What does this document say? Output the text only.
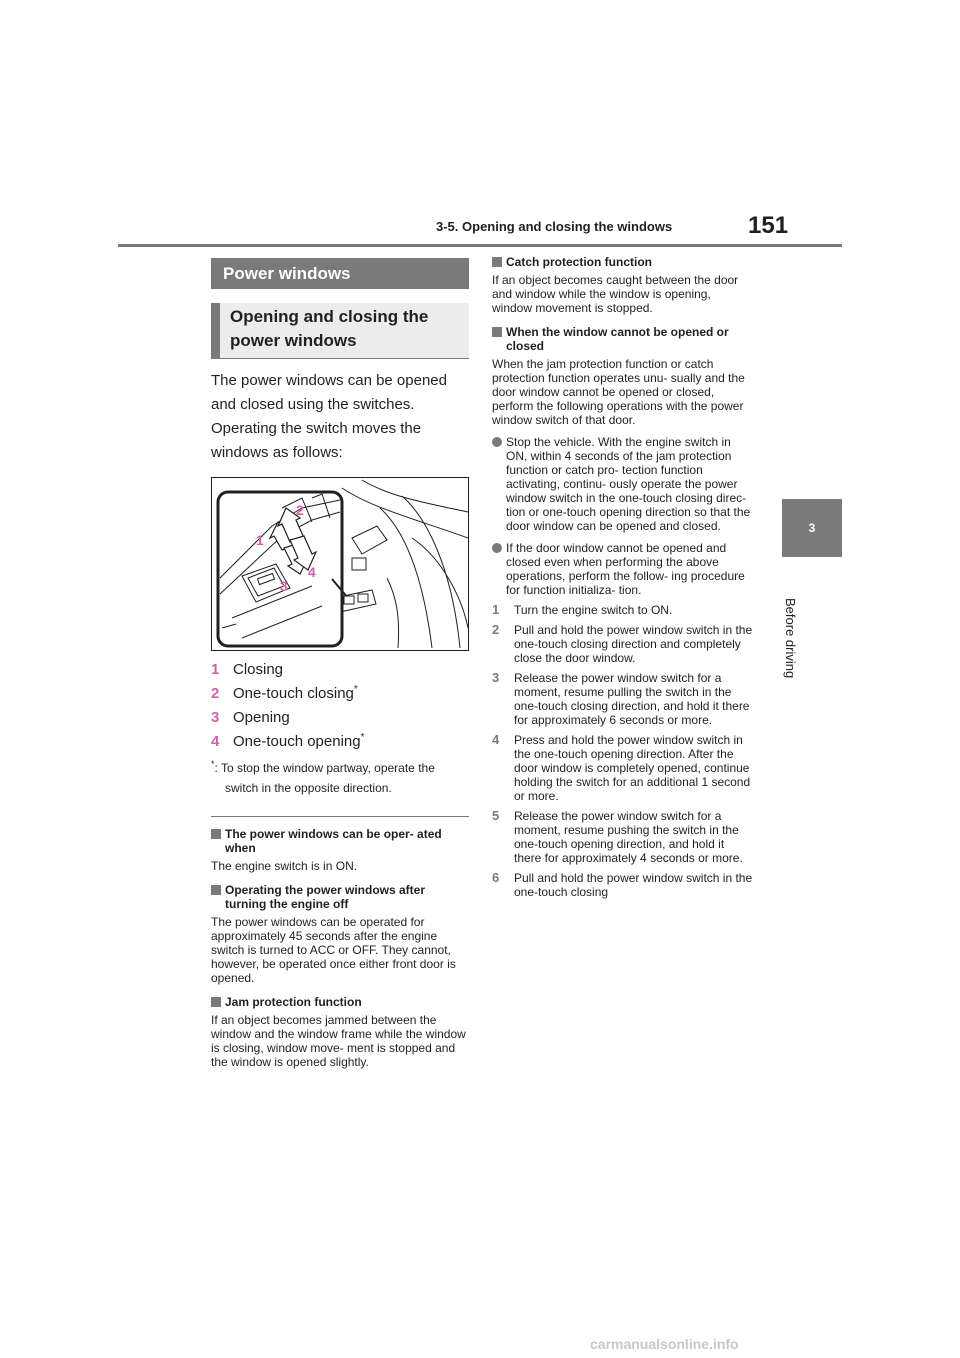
3-5. Opening and closing the windows	151
3
Before driving
Power windows
Opening and closing the power windows
The power windows can be opened and closed using the switches. Operating the switch moves the windows as follows:
1
2
3
4
1 Closing
2 One-touch closing*
3 Opening
4 One-touch opening*
*: To stop the window partway, operate the switch in the opposite direction.
The power windows can be oper- ated when
The engine switch is in ON.
Operating the power windows after turning the engine off
The power windows can be operated for approximately 45 seconds after the engine switch is turned to ACC or OFF. They cannot, however, be operated once either front door is opened.
Jam protection function
If an object becomes jammed between the window and the window frame while the window is closing, window move- ment is stopped and the window is opened slightly.
Catch protection function
If an object becomes caught between the door and window while the window is opening, window movement is stopped.
When the window cannot be opened or closed
When the jam protection function or catch protection function operates unu- sually and the door window cannot be opened or closed, perform the following operations with the power window switch of that door.
Stop the vehicle. With the engine switch in ON, within 4 seconds of the jam protection function or catch pro- tection function activating, continu- ously operate the power window switch in the one-touch closing direc- tion or one-touch opening direction so that the door window can be opened and closed.
If the door window cannot be opened and closed even when performing the above operations, perform the follow- ing procedure for function initializa- tion.
1 Turn the engine switch to ON.
2 Pull and hold the power window switch in the one-touch closing direction and completely close the door window.
3 Release the power window switch for a moment, resume pulling the switch in the one-touch closing direction, and hold it there for approximately 6 seconds or more.
4 Press and hold the power window switch in the one-touch opening direction. After the door window is completely opened, continue holding the switch for an additional 1 second or more.
5 Release the power window switch for a moment, resume pushing the switch in the one-touch opening direction, and hold it there for approximately 4 seconds or more.
6 Pull and hold the power window switch in the one-touch closing
carmanualsonline.info
